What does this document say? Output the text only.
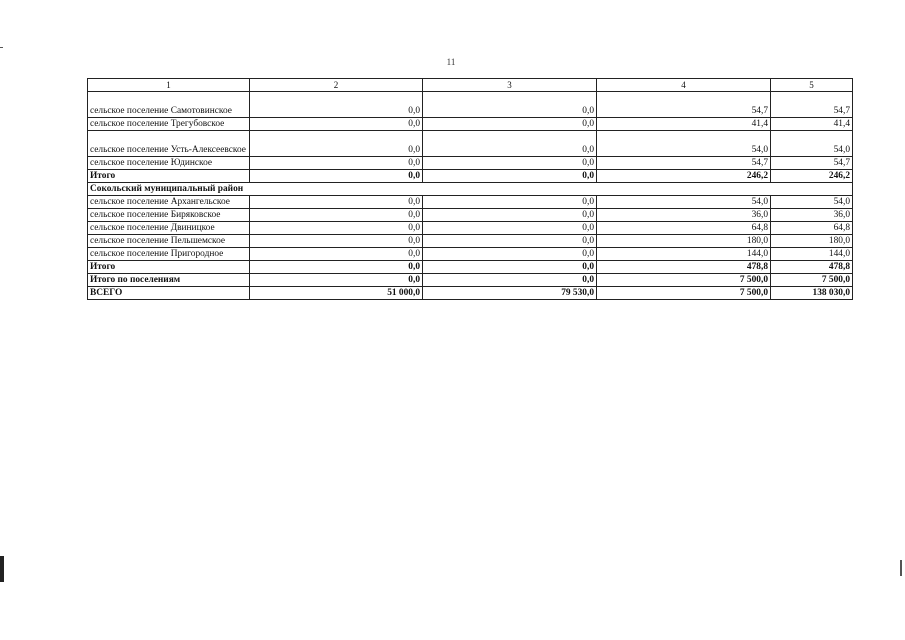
11
1	2	3	4	5
сельское поселение Самотовинское	0,0	0,0	54,7	54,7
сельское поселение Трегубовское	0,0	0,0	41,4	41,4
сельское поселение Усть-Алексеевское	0,0	0,0	54,0	54,0
сельское поселение Юдинское	0,0	0,0	54,7	54,7
Итого	0,0	0,0	246,2	246,2
Сокольский муниципальный район				
сельское поселение Архангельское	0,0	0,0	54,0	54,0
сельское поселение Биряковское	0,0	0,0	36,0	36,0
сельское поселение Двиницкое	0,0	0,0	64,8	64,8
сельское поселение Пельшемское	0,0	0,0	180,0	180,0
сельское поселение Пригородное	0,0	0,0	144,0	144,0
Итого	0,0	0,0	478,8	478,8
Итого по поселениям	0,0	0,0	7 500,0	7 500,0
ВСЕГО	51 000,0	79 530,0	7 500,0	138 030,0
